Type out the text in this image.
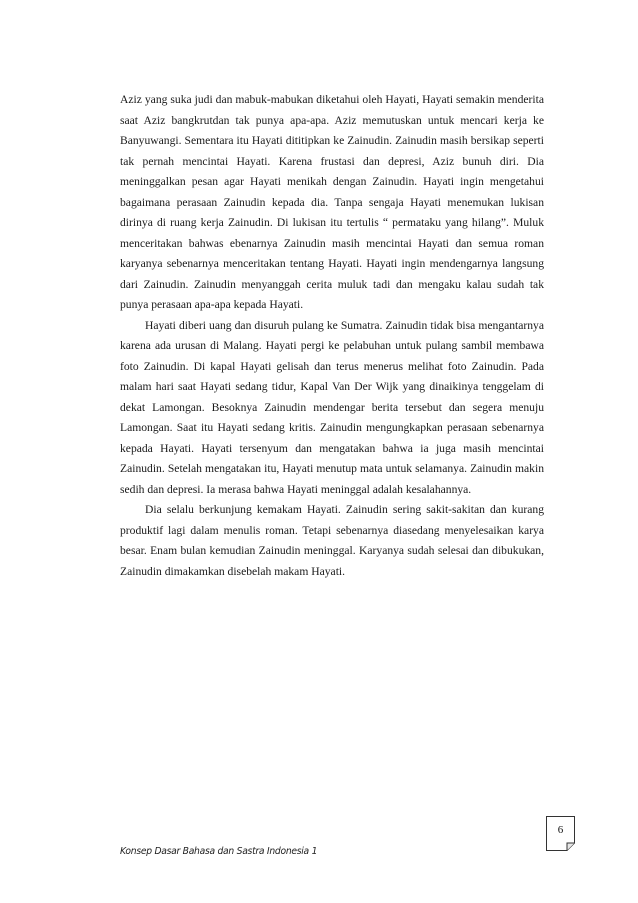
Aziz yang suka judi dan mabuk-mabukan diketahui oleh Hayati, Hayati semakin menderita saat Aziz bangkrutdan tak punya apa-apa. Aziz memutuskan untuk mencari kerja ke Banyuwangi. Sementara itu Hayati dititipkan ke Zainudin. Zainudin masih bersikap seperti tak pernah mencintai Hayati. Karena frustasi dan depresi, Aziz bunuh diri. Dia meninggalkan pesan agar Hayati menikah dengan Zainudin. Hayati ingin mengetahui bagaimana perasaan Zainudin kepada dia. Tanpa sengaja Hayati menemukan lukisan dirinya di ruang kerja Zainudin. Di lukisan itu tertulis “ permataku yang hilang”. Muluk menceritakan bahwas ebenarnya Zainudin masih mencintai Hayati dan semua roman karyanya sebenarnya menceritakan tentang Hayati. Hayati ingin mendengarnya langsung dari Zainudin. Zainudin menyanggah cerita muluk tadi dan mengaku kalau sudah tak punya perasaan apa-apa kepada Hayati.

Hayati diberi uang dan disuruh pulang ke Sumatra. Zainudin tidak bisa mengantarnya karena ada urusan di Malang. Hayati pergi ke pelabuhan untuk pulang sambil membawa foto Zainudin. Di kapal Hayati gelisah dan terus menerus melihat foto Zainudin. Pada malam hari saat Hayati sedang tidur, Kapal Van Der Wijk yang dinaikinya tenggelam di dekat Lamongan. Besoknya Zainudin mendengar berita tersebut dan segera menuju Lamongan. Saat itu Hayati sedang kritis. Zainudin mengungkapkan perasaan sebenarnya kepada Hayati. Hayati tersenyum dan mengatakan bahwa ia juga masih mencintai Zainudin. Setelah mengatakan itu, Hayati menutup mata untuk selamanya. Zainudin makin sedih dan depresi. Ia merasa bahwa Hayati meninggal adalah kesalahannya.

Dia selalu berkunjung kemakam Hayati. Zainudin sering sakit-sakitan dan kurang produktif lagi dalam menulis roman. Tetapi sebenarnya diasedang menyelesaikan karya besar. Enam bulan kemudian Zainudin meninggal. Karyanya sudah selesai dan dibukukan, Zainudin dimakamkan disebelah makam Hayati.

6
Konsep Dasar Bahasa dan Sastra Indonesia 1
